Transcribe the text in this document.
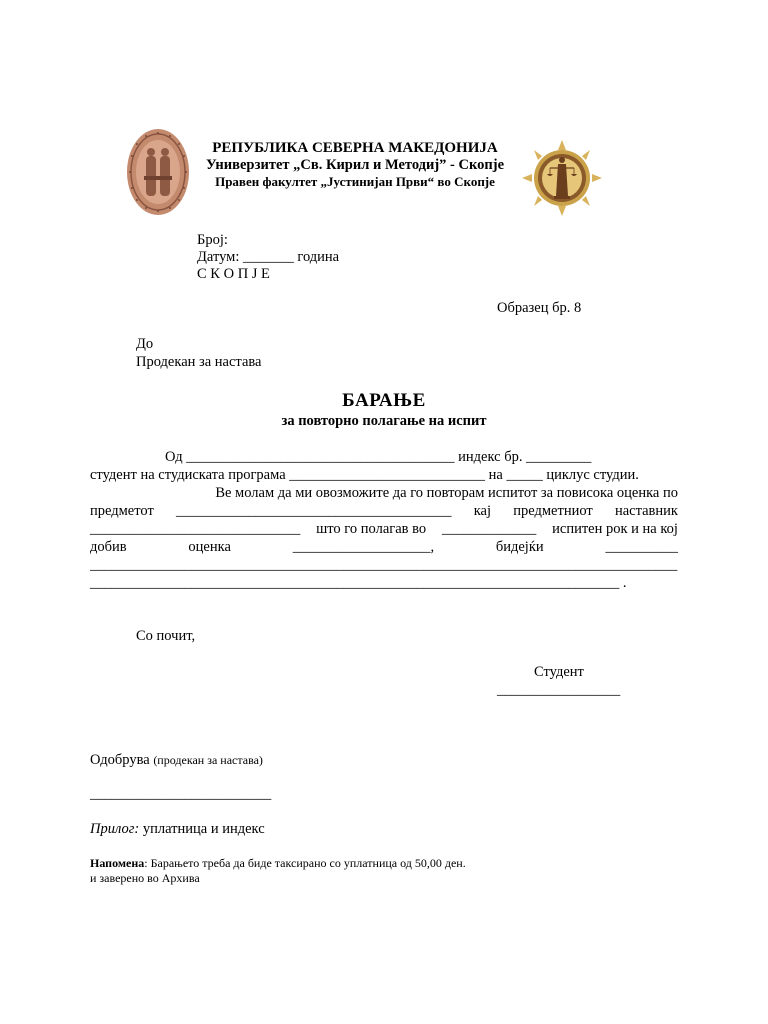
РЕПУБЛИКА СЕВЕРНА МАКЕДОНИЈА
Универзитет „Св. Кирил и Методиј” - Скопје
Правен факултет „Јустинијан Први“ во Скопје
Број:
Датум: _______ година
С К О П Ј Е
Образец бр. 8
До
Продекан за настава
БАРАЊЕ
за повторно полагање на испит
Од _____________________________________ индекс бр. _________
студент на студиската програма ___________________________ на _____ циклус студии.
Ве молам да ми овозможите да го повторам испитот за повисока оценка по
предметот ______________________________________ кај предметниот наставник
_____________________________ што го полагав во _____________ испитен рок и на кој
добив	оценка	___________________,	бидејќи	__________
_________________________________________________________________________________
_________________________________________________________________________ .
Со почит,
Студент
_________________
Одобрува (продекан за настава)
_________________________
Прилог: уплатница и индекс
Напомена: Барањето треба да биде таксирано со уплатница од 50,00 ден.
и заверено во Архива
